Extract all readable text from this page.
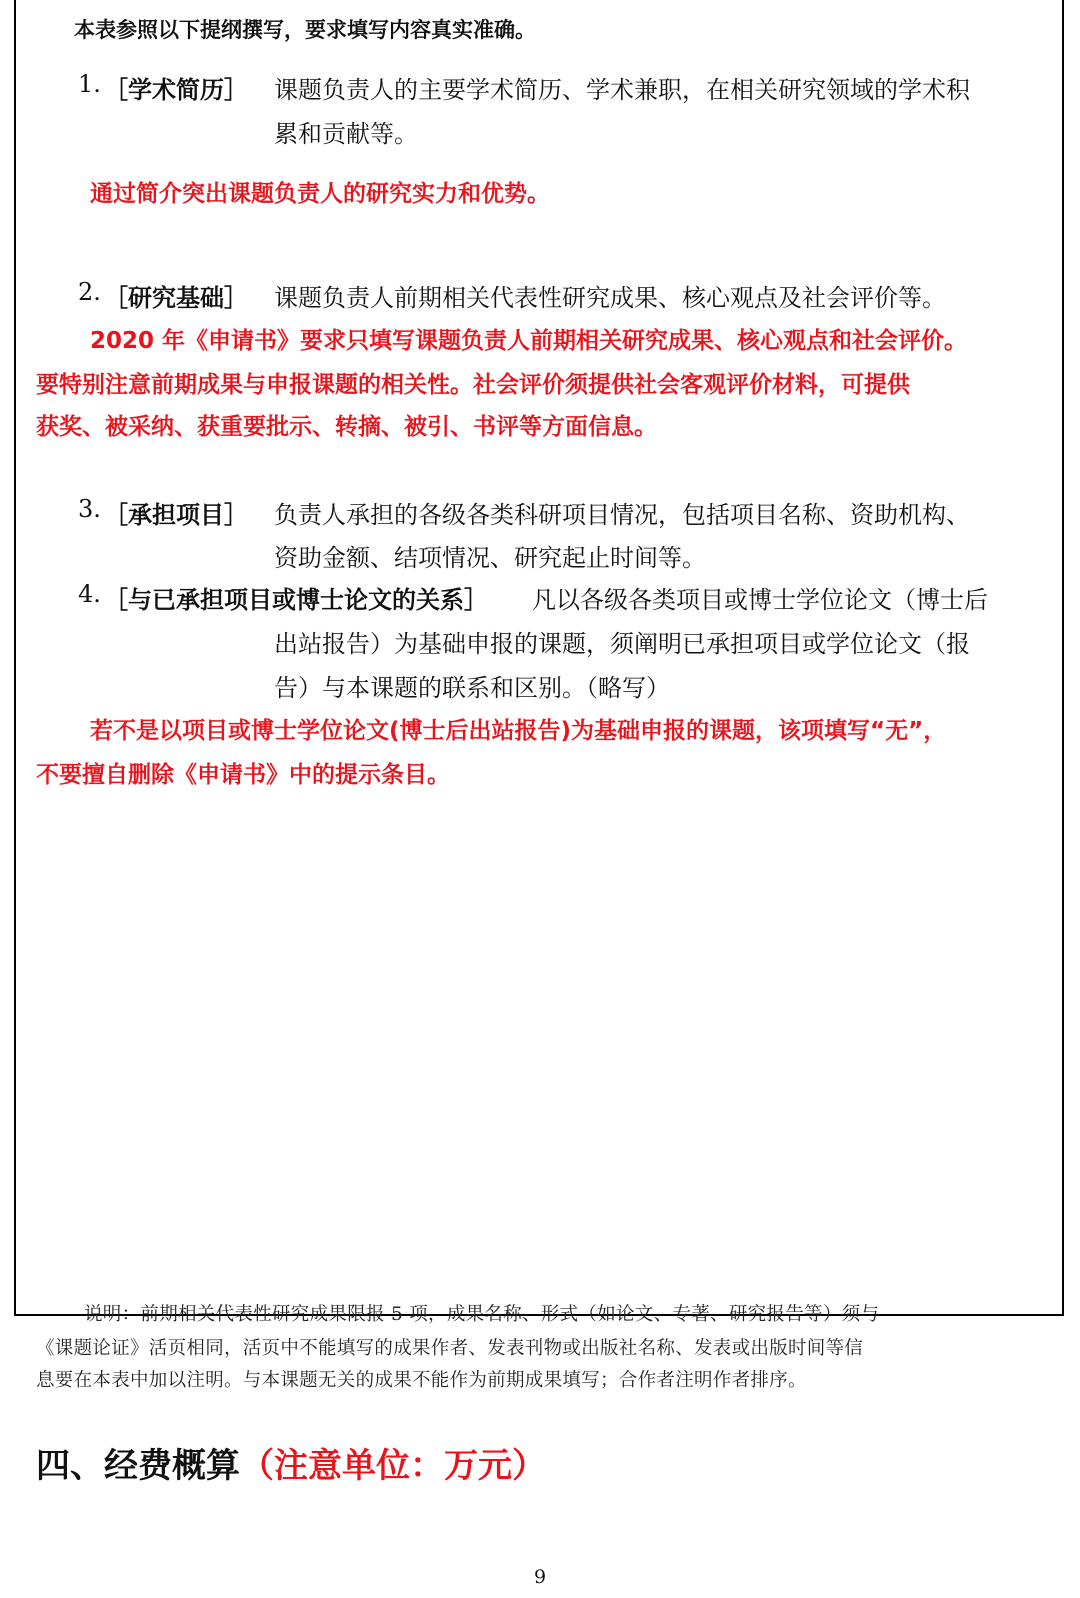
本表参照以下提纲撰写，要求填写内容真实准确。
1. ［学术简历］ 课题负责人的主要学术简历、学术兼职，在相关研究领域的学术积
累和贡献等。
通过简介突出课题负责人的研究实力和优势。
2. ［研究基础］ 课题负责人前期相关代表性研究成果、核心观点及社会评价等。
2020 年《申请书》要求只填写课题负责人前期相关研究成果、核心观点和社会评价。
要特别注意前期成果与申报课题的相关性。社会评价须提供社会客观评价材料，可提供
获奖、被采纳、获重要批示、转摘、被引、书评等方面信息。
3. ［承担项目］ 负责人承担的各级各类科研项目情况，包括项目名称、资助机构、
资助金额、结项情况、研究起止时间等。
4. ［与已承担项目或博士论文的关系］ 凡以各级各类项目或博士学位论文（博士后
出站报告）为基础申报的课题，须阐明已承担项目或学位论文（报
告）与本课题的联系和区别。（略写）
若不是以项目或博士学位论文(博士后出站报告)为基础申报的课题，该项填写“无”，
不要擅自删除《申请书》中的提示条目。
说明：前期相关代表性研究成果限报 5 项，成果名称、形式（如论文、专著、研究报告等）须与
《课题论证》活页相同，活页中不能填写的成果作者、发表刊物或出版社名称、发表或出版时间等信
息要在本表中加以注明。与本课题无关的成果不能作为前期成果填写；合作者注明作者排序。
四、经费概算（注意单位：万元）
9
